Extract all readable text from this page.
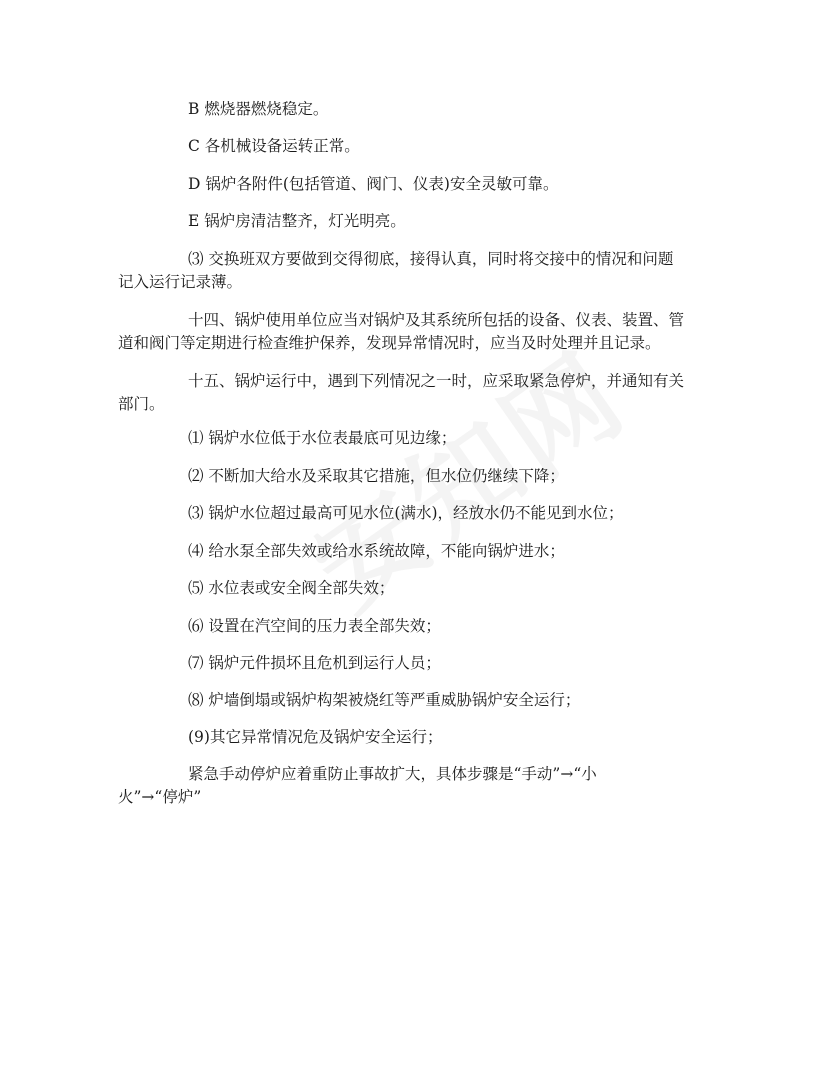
B 燃烧器燃烧稳定。

C 各机械设备运转正常。

D 锅炉各附件(包括管道、阀门、仪表)安全灵敏可靠。

E 锅炉房清洁整齐，灯光明亮。

⑶ 交换班双方要做到交得彻底，接得认真，同时将交接中的情况和问题

记入运行记录薄。

十四、锅炉使用单位应当对锅炉及其系统所包括的设备、仪表、装置、管

道和阀门等定期进行检查维护保养，发现异常情况时，应当及时处理并且记录。

十五、锅炉运行中，遇到下列情况之一时，应采取紧急停炉，并通知有关

部门。

⑴ 锅炉水位低于水位表最底可见边缘；

⑵ 不断加大给水及采取其它措施，但水位仍继续下降；

⑶ 锅炉水位超过最高可见水位(满水)，经放水仍不能见到水位；

⑷ 给水泵全部失效或给水系统故障，不能向锅炉进水；

⑸ 水位表或安全阀全部失效；

⑹ 设置在汽空间的压力表全部失效；

⑺ 锅炉元件损坏且危机到运行人员；

⑻ 炉墙倒塌或锅炉构架被烧红等严重威胁锅炉安全运行；

(9)其它异常情况危及锅炉安全运行；

紧急手动停炉应着重防止事故扩大，具体步骤是“手动”→“小

火”→“停炉”
